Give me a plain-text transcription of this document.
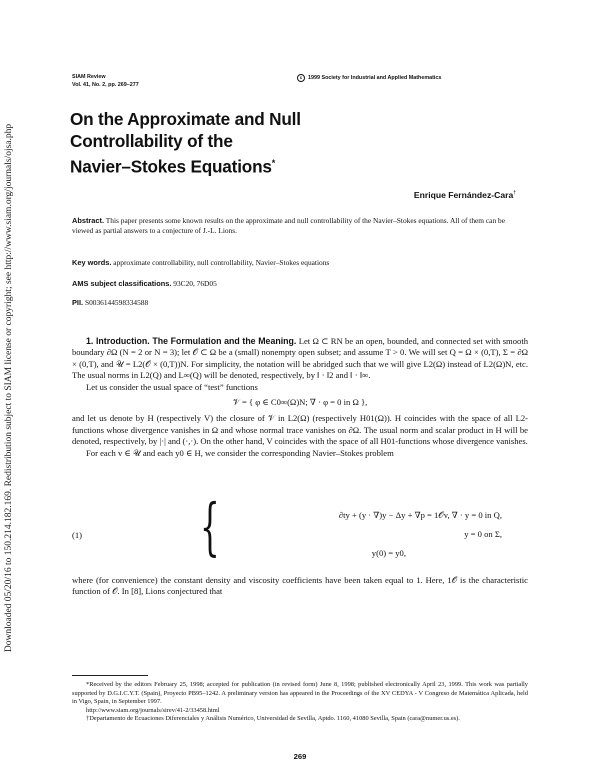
Downloaded 05/20/16 to 150.214.182.169. Redistribution subject to SIAM license or copyright; see http://www.siam.org/journals/ojsa.php
SIAM Review
Vol. 41, No. 2, pp. 269–277
c	1999 Society for Industrial and Applied Mathematics
On the Approximate and Null
Controllability of the
Navier–Stokes Equations*
Enrique Fernández-Cara†
Abstract. This paper presents some known results on the approximate and null controllability of the Navier–Stokes equations. All of them can be viewed as partial answers to a conjecture of J.-L. Lions.
Key words. approximate controllability, null controllability, Navier–Stokes equations
AMS subject classifications. 93C20, 76D05
PII. S0036144598334588

1. Introduction. The Formulation and the Meaning. Let Ω ⊂ RN be an open, bounded, and connected set with smooth boundary ∂Ω (N = 2 or N = 3); let 𝒪 ⊂ Ω be a (small) nonempty open subset; and assume T > 0. We will set Q = Ω × (0,T), Σ = ∂Ω × (0,T), and 𝒰 = L2(𝒪 × (0,T))N. For simplicity, the notation will be abridged such that we will give L2(Ω) instead of L2(Ω)N, etc. The usual norms in L2(Q) and L∞(Q) will be denoted, respectively, by ‖ · ‖2 and ‖ · ‖∞.

Let us consider the usual space of “test” functions

𝒱 = { φ ∈ C0∞(Ω)N; ∇ · φ = 0 in Ω },

and let us denote by H (respectively V) the closure of 𝒱 in L2(Ω) (respectively H01(Ω)). H coincides with the space of all L2-functions whose divergence vanishes in Ω and whose normal trace vanishes on ∂Ω. The usual norm and scalar product in H will be denoted, respectively, by |·| and (·,·). On the other hand, V coincides with the space of all H01-functions whose divergence vanishes.

For each v ∈ 𝒰 and each y0 ∈ H, we consider the corresponding Navier–Stokes problem

(1) {	∂ty + (y · ∇)y − Δy + ∇p = 1𝒪v, ∇ · y = 0 in Q,
y = 0 on Σ,
y(0) = y0,

where (for convenience) the constant density and viscosity coefficients have been taken equal to 1. Here, 1𝒪 is the characteristic function of 𝒪. In [8], Lions conjectured that

*Received by the editors February 25, 1998; accepted for publication (in revised form) June 8, 1998; published electronically April 23, 1999. This work was partially supported by D.G.I.C.Y.T. (Spain), Proyecto PB95–1242. A preliminary version has appeared in the Proceedings of the XV CEDYA - V Congreso de Matemática Aplicada, held in Vigo, Spain, in September 1997.

http://www.siam.org/journals/sirev/41-2/33458.html

†Departamento de Ecuaciones Diferenciales y Análisis Numérico, Universidad de Sevilla, Aptdo. 1160, 41080 Sevilla, Spain (cara@numer.us.es).

269
